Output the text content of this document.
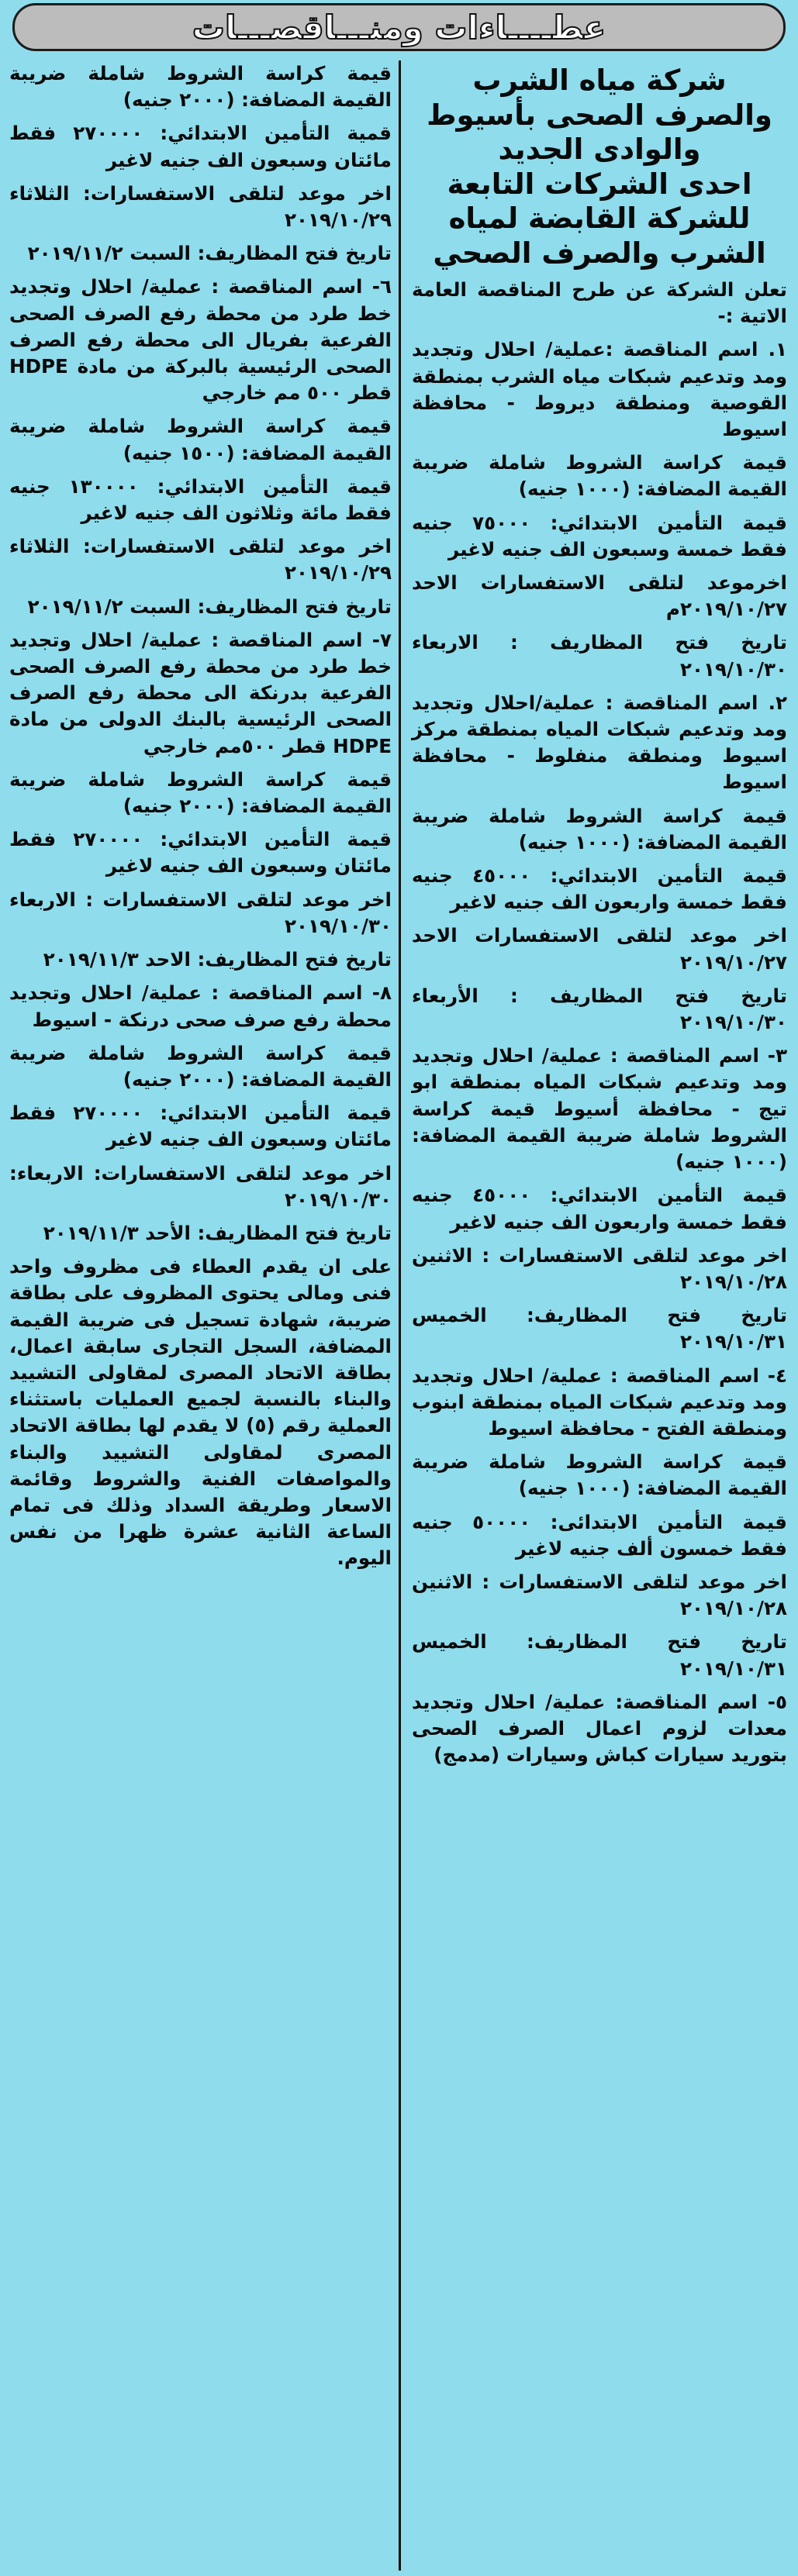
عطــــاءات ومنـــاقصـــات
شركة مياه الشرب
والصرف الصحى بأسيوط
والوادى الجديد
احدى الشركات التابعة
للشركة القابضة لمياه
الشرب والصرف الصحي

تعلن الشركة عن طرح المناقصة العامة الاتية :-

١. اسم المناقصة :عملية/ احلال وتجديد ومد وتدعيم شبكات مياه الشرب بمنطقة القوصية ومنطقة ديروط - محافظة اسيوط

قيمة كراسة الشروط شاملة ضريبة القيمة المضافة: (١٠٠٠ جنيه)

قيمة التأمين الابتدائي: ٧٥٠٠٠ جنيه فقط خمسة وسبعون الف جنيه لاغير

اخرموعد لتلقى الاستفسارات الاحد ٢٠١٩/١٠/٢٧م

تاريخ فتح المظاريف : الاربعاء ٢٠١٩/١٠/٣٠

٢. اسم المناقصة : عملية/احلال وتجديد ومد وتدعيم شبكات المياه بمنطقة مركز اسيوط ومنطقة منفلوط - محافظة اسيوط

قيمة كراسة الشروط شاملة ضريبة القيمة المضافة: (١٠٠٠ جنيه)

قيمة التأمين الابتدائي: ٤٥٠٠٠ جنيه فقط خمسة واربعون الف جنيه لاغير

اخر موعد لتلقى الاستفسارات الاحد ٢٠١٩/١٠/٢٧

تاريخ فتح المظاريف : الأربعاء ٢٠١٩/١٠/٣٠

٣- اسم المناقصة : عملية/ احلال وتجديد ومد وتدعيم شبكات المياه بمنطقة ابو تيج - محافظة أسيوط قيمة كراسة الشروط شاملة ضريبة القيمة المضافة: (١٠٠٠ جنيه)

قيمة التأمين الابتدائي: ٤٥٠٠٠ جنيه فقط خمسة واربعون الف جنيه لاغير

اخر موعد لتلقى الاستفسارات : الاثنين ٢٠١٩/١٠/٢٨

تاريخ فتح المظاريف: الخميس ٢٠١٩/١٠/٣١

٤- اسم المناقصة : عملية/ احلال وتجديد ومد وتدعيم شبكات المياه بمنطقة ابنوب ومنطقة الفتح - محافظة اسيوط

قيمة كراسة الشروط شاملة ضريبة القيمة المضافة: (١٠٠٠ جنيه)

قيمة التأمين الابتدائى: ٥٠٠٠٠ جنيه فقط خمسون ألف جنيه لاغير

اخر موعد لتلقى الاستفسارات : الاثنين ٢٠١٩/١٠/٢٨

تاريخ فتح المظاريف: الخميس ٢٠١٩/١٠/٣١

٥- اسم المناقصة: عملية/ احلال وتجديد معدات لزوم اعمال الصرف الصحى بتوريد سيارات كباش وسيارات (مدمج)

قيمة كراسة الشروط شاملة ضريبة القيمة المضافة: (٢٠٠٠ جنيه)

قمية التأمين الابتدائي: ٢٧٠٠٠٠ فقط مائتان وسبعون الف جنيه لاغير

اخر موعد لتلقى الاستفسارات: الثلاثاء ٢٠١٩/١٠/٢٩

تاريخ فتح المظاريف: السبت ٢٠١٩/١١/٢

٦- اسم المناقصة : عملية/ احلال وتجديد خط طرد من محطة رفع الصرف الصحى الفرعية بفريال الى محطة رفع الصرف الصحى الرئيسية بالبركة من مادة HDPE قطر ٥٠٠ مم خارجي

قيمة كراسة الشروط شاملة ضريبة القيمة المضافة: (١٥٠٠ جنيه)

قيمة التأمين الابتدائي: ١٣٠٠٠٠ جنيه فقط مائة وثلاثون الف جنيه لاغير

اخر موعد لتلقى الاستفسارات: الثلاثاء ٢٠١٩/١٠/٢٩

تاريخ فتح المظاريف: السبت ٢٠١٩/١١/٢

٧- اسم المناقصة : عملية/ احلال وتجديد خط طرد من محطة رفع الصرف الصحى الفرعية بدرنكة الى محطة رفع الصرف الصحى الرئيسية بالبنك الدولى من مادة HDPE قطر ٥٠٠مم خارجي

قيمة كراسة الشروط شاملة ضريبة القيمة المضافة: (٢٠٠٠ جنيه)

قيمة التأمين الابتدائي: ٢٧٠٠٠٠ فقط مائتان وسبعون الف جنيه لاغير

اخر موعد لتلقى الاستفسارات : الاربعاء ٢٠١٩/١٠/٣٠

تاريخ فتح المظاريف: الاحد ٢٠١٩/١١/٣

٨- اسم المناقصة : عملية/ احلال وتجديد محطة رفع صرف صحى درنكة - اسيوط

قيمة كراسة الشروط شاملة ضريبة القيمة المضافة: (٢٠٠٠ جنيه)

قيمة التأمين الابتدائي: ٢٧٠٠٠٠ فقط مائتان وسبعون الف جنيه لاغير

اخر موعد لتلقى الاستفسارات: الاربعاء: ٢٠١٩/١٠/٣٠

تاريخ فتح المظاريف: الأحد ٢٠١٩/١١/٣

على ان يقدم العطاء فى مظروف واحد فنى ومالى يحتوى المظروف على بطاقة ضريبة، شهادة تسجيل فى ضريبة القيمة المضافة، السجل التجارى سابقة اعمال، بطاقة الاتحاد المصرى لمقاولى التشييد والبناء بالنسبة لجميع العمليات باستثناء العملية رقم (٥) لا يقدم لها بطاقة الاتحاد المصرى لمقاولى التشييد والبناء والمواصفات الفنية والشروط وقائمة الاسعار وطريقة السداد وذلك فى تمام الساعة الثانية عشرة ظهرا من نفس اليوم.
